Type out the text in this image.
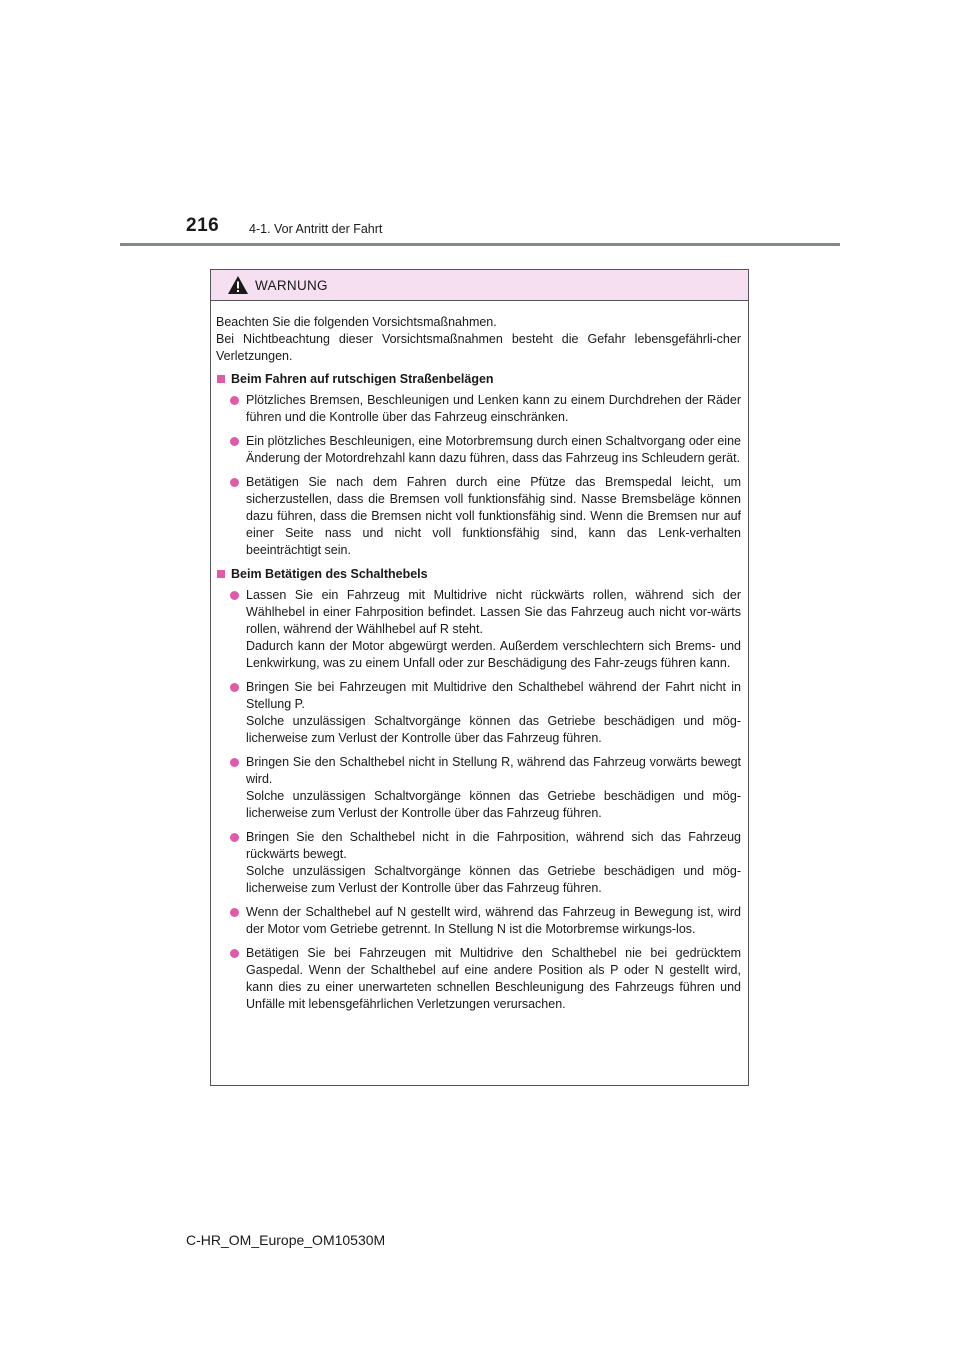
216 4-1. Vor Antritt der Fahrt
WARNUNG

Beachten Sie die folgenden Vorsichtsmaßnahmen.

Bei Nichtbeachtung dieser Vorsichtsmaßnahmen besteht die Gefahr lebensgefährli-cher Verletzungen.

Beim Fahren auf rutschigen Straßenbelägen

Plötzliches Bremsen, Beschleunigen und Lenken kann zu einem Durchdrehen der Räder führen und die Kontrolle über das Fahrzeug einschränken.

Ein plötzliches Beschleunigen, eine Motorbremsung durch einen Schaltvorgang oder eine Änderung der Motordrehzahl kann dazu führen, dass das Fahrzeug ins Schleudern gerät.

Betätigen Sie nach dem Fahren durch eine Pfütze das Bremspedal leicht, um sicherzustellen, dass die Bremsen voll funktionsfähig sind. Nasse Bremsbeläge können dazu führen, dass die Bremsen nicht voll funktionsfähig sind. Wenn die Bremsen nur auf einer Seite nass und nicht voll funktionsfähig sind, kann das Lenk-verhalten beeinträchtigt sein.

Beim Betätigen des Schalthebels

Lassen Sie ein Fahrzeug mit Multidrive nicht rückwärts rollen, während sich der Wählhebel in einer Fahrposition befindet. Lassen Sie das Fahrzeug auch nicht vor-wärts rollen, während der Wählhebel auf R steht.

Dadurch kann der Motor abgewürgt werden. Außerdem verschlechtern sich Brems- und Lenkwirkung, was zu einem Unfall oder zur Beschädigung des Fahr-zeugs führen kann.

Bringen Sie bei Fahrzeugen mit Multidrive den Schalthebel während der Fahrt nicht in Stellung P.

Solche unzulässigen Schaltvorgänge können das Getriebe beschädigen und mög-licherweise zum Verlust der Kontrolle über das Fahrzeug führen.

Bringen Sie den Schalthebel nicht in Stellung R, während das Fahrzeug vorwärts bewegt wird.

Solche unzulässigen Schaltvorgänge können das Getriebe beschädigen und mög-licherweise zum Verlust der Kontrolle über das Fahrzeug führen.

Bringen Sie den Schalthebel nicht in die Fahrposition, während sich das Fahrzeug rückwärts bewegt.

Solche unzulässigen Schaltvorgänge können das Getriebe beschädigen und mög-licherweise zum Verlust der Kontrolle über das Fahrzeug führen.

Wenn der Schalthebel auf N gestellt wird, während das Fahrzeug in Bewegung ist, wird der Motor vom Getriebe getrennt. In Stellung N ist die Motorbremse wirkungs-los.

Betätigen Sie bei Fahrzeugen mit Multidrive den Schalthebel nie bei gedrücktem Gaspedal. Wenn der Schalthebel auf eine andere Position als P oder N gestellt wird, kann dies zu einer unerwarteten schnellen Beschleunigung des Fahrzeugs führen und Unfälle mit lebensgefährlichen Verletzungen verursachen.

C-HR_OM_Europe_OM10530M
